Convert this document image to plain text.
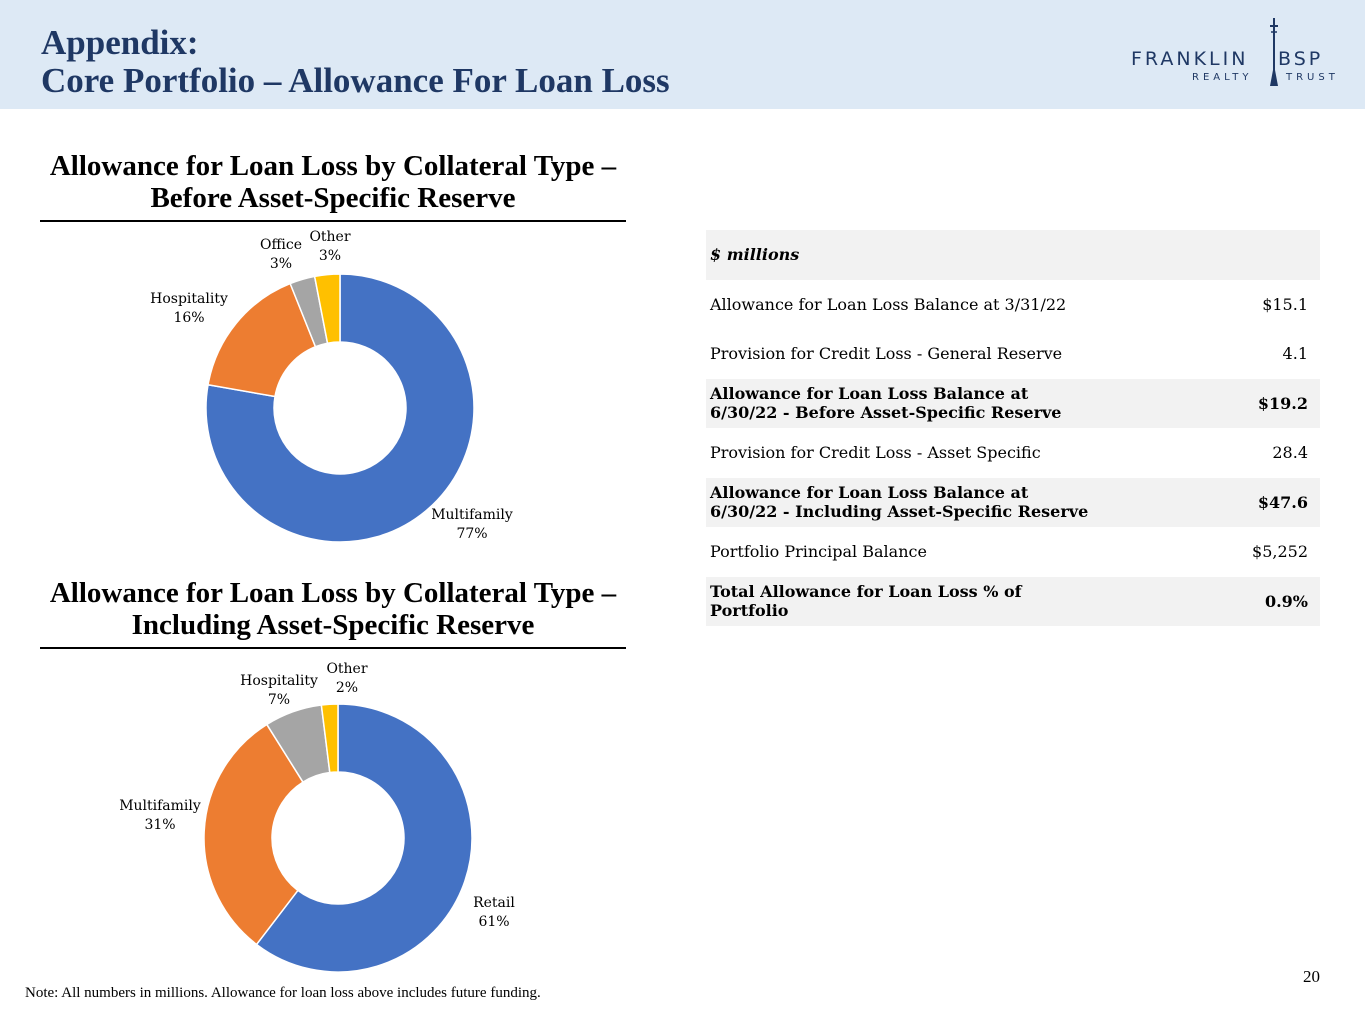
Appendix:
Core Portfolio – Allowance For Loan Loss
FRANKLIN BSP
REALTY	TRUST
Allowance for Loan Loss by Collateral Type – Before Asset-Specific Reserve
Allowance for Loan Loss by Collateral Type – Including Asset-Specific Reserve
Multifamily
77%
Hospitality
16%
Office
3%
Other
3%
Retail
61%
Multifamily
31%
Hospitality
7%
Other
2%
$ millions	
Allowance for Loan Loss Balance at 3/31/22	$15.1
Provision for Credit Loss - General Reserve	4.1
Allowance for Loan Loss Balance at
6/30/22 - Before Asset-Specific Reserve	$19.2
Provision for Credit Loss - Asset Specific	28.4
Allowance for Loan Loss Balance at
6/30/22 - Including Asset-Specific Reserve	$47.6
Portfolio Principal Balance	$5,252
Total Allowance for Loan Loss % of
Portfolio	0.9%
Note: All numbers in millions. Allowance for loan loss above includes future funding.
20
